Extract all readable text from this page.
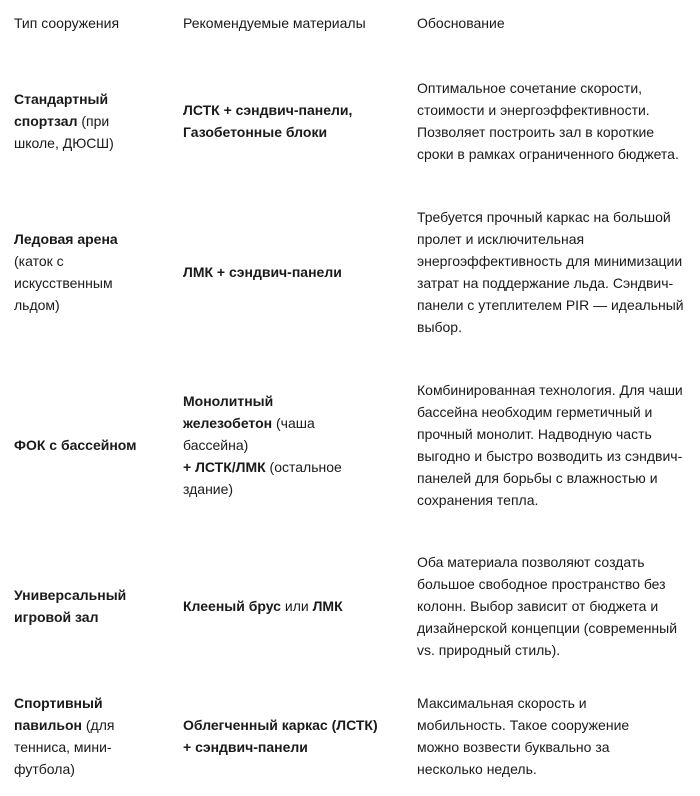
Тип сооружения	Рекомендуемые материалы	Обоснование
Стандартный спортзал (при школе, ДЮСШ)
ЛСТК + сэндвич-панели, Газобетонные блоки
Оптимальное сочетание скорости, стоимости и энергоэффективности. Позволяет построить зал в короткие сроки в рамках ограниченного бюджета.
Ледовая арена (каток с искусственным льдом)
ЛМК + сэндвич-панели
Требуется прочный каркас на большой пролет и исключительная энергоэффективность для минимизации затрат на поддержание льда. Сэндвич-панели с утеплителем PIR — идеальный выбор.
ФОК с бассейном
Монолитный железобетон (чаша бассейна)
+ ЛСТК/ЛМК (остальное здание)
Комбинированная технология. Для чаши бассейна необходим герметичный и прочный монолит. Надводную часть выгодно и быстро возводить из сэндвич-панелей для борьбы с влажностью и сохранения тепла.
Универсальный игровой зал
Клееный брус или ЛМК
Оба материала позволяют создать большое свободное пространство без колонн. Выбор зависит от бюджета и дизайнерской концепции (современный vs. природный стиль).
Спортивный павильон (для тенниса, мини-футбола)
Облегченный каркас (ЛСТК) + сэндвич-панели
Максимальная скорость и мобильность. Такое сооружение можно возвести буквально за несколько недель.
